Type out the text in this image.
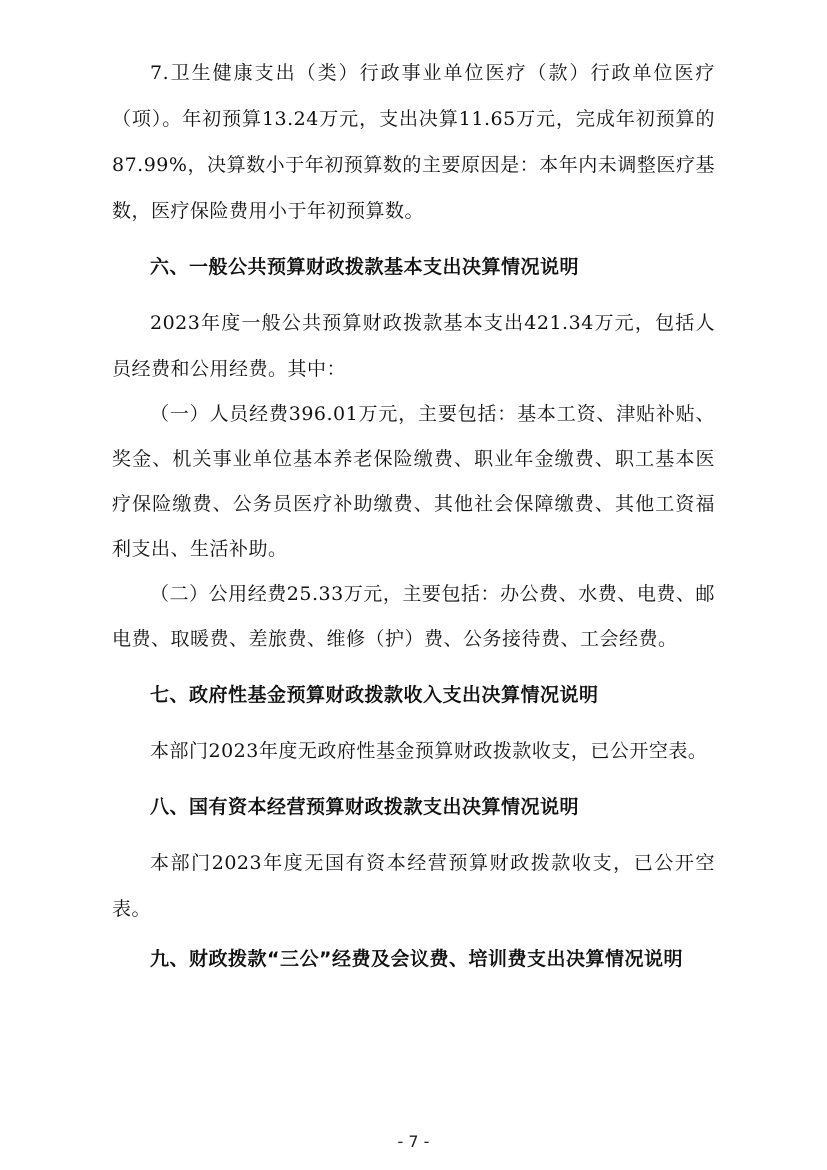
7.卫生健康支出（类）行政事业单位医疗（款）行政单位医疗（项）。年初预算13.24万元，支出决算11.65万元，完成年初预算的87.99%，决算数小于年初预算数的主要原因是：本年内未调整医疗基数，医疗保险费用小于年初预算数。

六、一般公共预算财政拨款基本支出决算情况说明

2023年度一般公共预算财政拨款基本支出421.34万元，包括人员经费和公用经费。其中：

（一）人员经费396.01万元，主要包括：基本工资、津贴补贴、奖金、机关事业单位基本养老保险缴费、职业年金缴费、职工基本医疗保险缴费、公务员医疗补助缴费、其他社会保障缴费、其他工资福利支出、生活补助。

（二）公用经费25.33万元，主要包括：办公费、水费、电费、邮电费、取暖费、差旅费、维修（护）费、公务接待费、工会经费。

七、政府性基金预算财政拨款收入支出决算情况说明

本部门2023年度无政府性基金预算财政拨款收支，已公开空表。

八、国有资本经营预算财政拨款支出决算情况说明

本部门2023年度无国有资本经营预算财政拨款收支，已公开空表。

九、财政拨款“三公”经费及会议费、培训费支出决算情况说明

- 7 -
